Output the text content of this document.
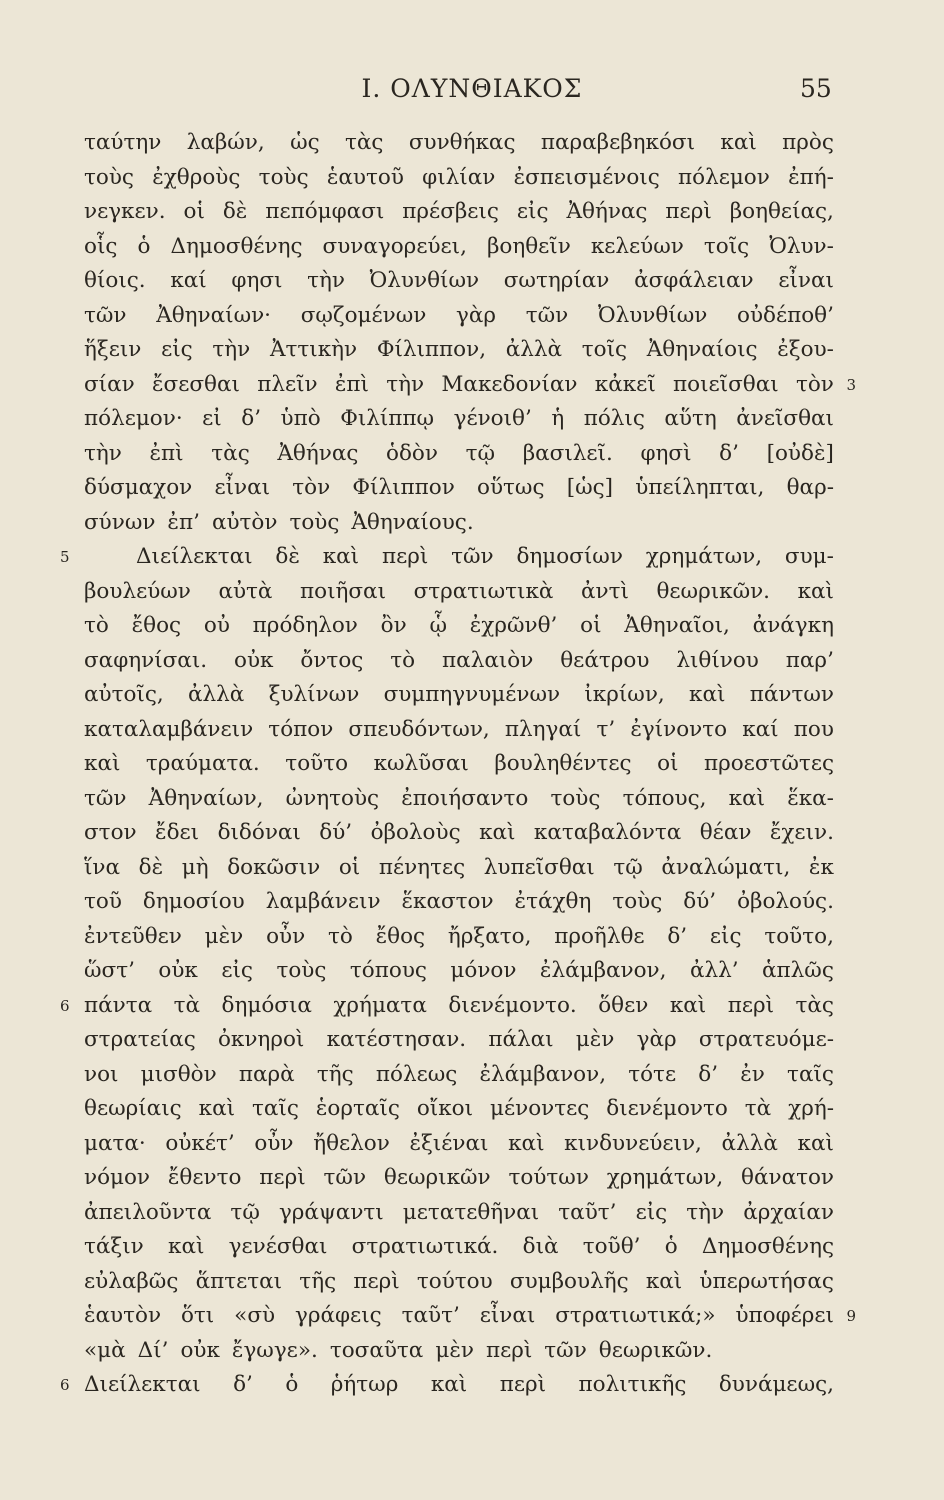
I. ΟΛΥΝΘΙΑΚΟΣ	55
ταύτην λαβών, ὡς τὰς συνθήκας παραβεβηκόσι καὶ πρὸς
τοὺς ἐχθροὺς τοὺς ἑαυτοῦ φιλίαν ἐσπεισμένοις πόλεμον ἐπή-
νεγκεν. οἱ δὲ πεπόμφασι πρέσβεις εἰς Ἀθήνας περὶ βοηθείας,
οἷς ὁ Δημοσθένης συναγορεύει, βοηθεῖν κελεύων τοῖς Ὀλυν-
θίοις. καί φησι τὴν Ὀλυνθίων σωτηρίαν ἀσφάλειαν εἶναι
τῶν Ἀθηναίων· σῳζομένων γὰρ τῶν Ὀλυνθίων οὐδέποθ’
ἥξειν εἰς τὴν Ἀττικὴν Φίλιππον, ἀλλὰ τοῖς Ἀθηναίοις ἐξου-
σίαν ἔσεσθαι πλεῖν ἐπὶ τὴν Μακεδονίαν κἀκεῖ ποιεῖσθαι τὸν 3
πόλεμον· εἰ δ’ ὑπὸ Φιλίππῳ γένοιθ’ ἡ πόλις αὕτη ἀνεῖσθαι
τὴν ἐπὶ τὰς Ἀθήνας ὁδὸν τῷ βασιλεῖ. φησὶ δ’ [οὐδὲ]
δύσμαχον εἶναι τὸν Φίλιππον οὕτως [ὡς] ὑπείληπται, θαρ-
σύνων ἐπ’ αὐτὸν τοὺς Ἀθηναίους.
Διείλεκται δὲ καὶ περὶ τῶν δημοσίων χρημάτων, συμ-
5
βουλεύων αὐτὰ ποιῆσαι στρατιωτικὰ ἀντὶ θεωρικῶν. καὶ
τὸ ἔθος οὐ πρόδηλον ὂν ᾧ ἐχρῶνθ’ οἱ Ἀθηναῖοι, ἀνάγκη
σαφηνίσαι. οὐκ ὄντος τὸ παλαιὸν θεάτρου λιθίνου παρ’
αὐτοῖς, ἀλλὰ ξυλίνων συμπηγνυμένων ἰκρίων, καὶ πάντων
καταλαμβάνειν τόπον σπευδόντων, πληγαί τ’ ἐγίνοντο καί που
καὶ τραύματα. τοῦτο κωλῦσαι βουληθέντες οἱ προεστῶτες
τῶν Ἀθηναίων, ὠνητοὺς ἐποιήσαντο τοὺς τόπους, καὶ ἕκα-
στον ἔδει διδόναι δύ’ ὀβολοὺς καὶ καταβαλόντα θέαν ἔχειν.
ἵνα δὲ μὴ δοκῶσιν οἱ πένητες λυπεῖσθαι τῷ ἀναλώματι, ἐκ
τοῦ δημοσίου λαμβάνειν ἕκαστον ἐτάχθη τοὺς δύ’ ὀβολούς.
ἐντεῦθεν μὲν οὖν τὸ ἔθος ἤρξατο, προῆλθε δ’ εἰς τοῦτο,
ὥστ’ οὐκ εἰς τοὺς τόπους μόνον ἐλάμβανον, ἀλλ’ ἁπλῶς
πάντα τὰ δημόσια χρήματα διενέμοντο. ὅθεν καὶ περὶ τὰς
6
στρατείας ὀκνηροὶ κατέστησαν. πάλαι μὲν γὰρ στρατευόμε-
νοι μισθὸν παρὰ τῆς πόλεως ἐλάμβανον, τότε δ’ ἐν ταῖς
θεωρίαις καὶ ταῖς ἑορταῖς οἴκοι μένοντες διενέμοντο τὰ χρή-
ματα· οὐκέτ’ οὖν ἤθελον ἐξιέναι καὶ κινδυνεύειν, ἀλλὰ καὶ
νόμον ἔθεντο περὶ τῶν θεωρικῶν τούτων χρημάτων, θάνατον
ἀπειλοῦντα τῷ γράψαντι μετατεθῆναι ταῦτ’ εἰς τὴν ἀρχαίαν
τάξιν καὶ γενέσθαι στρατιωτικά. διὰ τοῦθ’ ὁ Δημοσθένης
εὐλαβῶς ἅπτεται τῆς περὶ τούτου συμβουλῆς καὶ ὑπερωτήσας
ἑαυτὸν ὅτι «σὺ γράφεις ταῦτ’ εἶναι στρατιωτικά;» ὑποφέρει 9
«μὰ Δί’ οὐκ ἔγωγε». τοσαῦτα μὲν περὶ τῶν θεωρικῶν.
Διείλεκται δ’ ὁ ῥήτωρ καὶ περὶ πολιτικῆς δυνάμεως,
6
